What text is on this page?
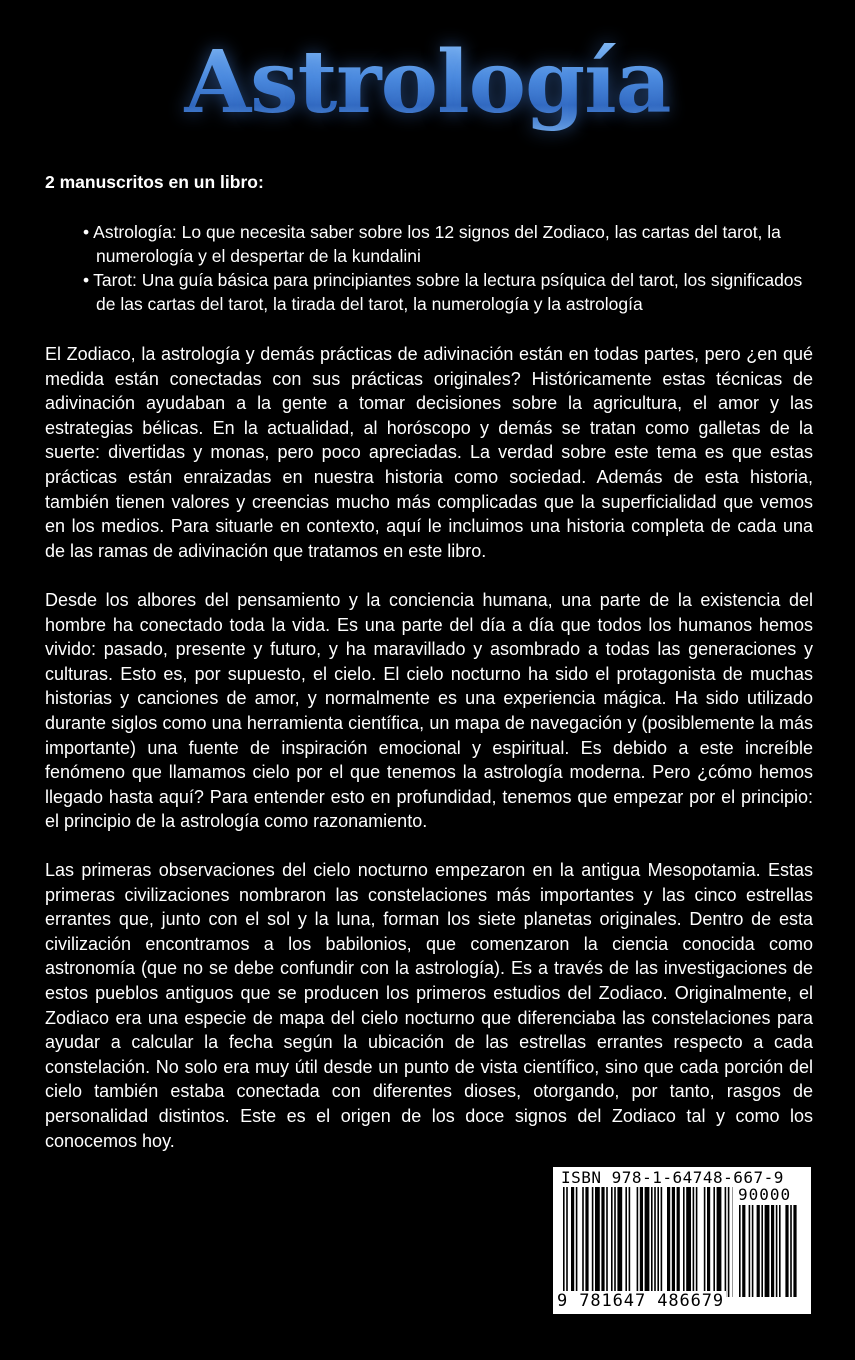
Astrología

2 manuscritos en un libro:

• Astrología: Lo que necesita saber sobre los 12 signos del Zodiaco, las cartas del tarot, la numerología y el despertar de la kundalini
• Tarot: Una guía básica para principiantes sobre la lectura psíquica del tarot, los significados de las cartas del tarot, la tirada del tarot, la numerología y la astrología

El Zodiaco, la astrología y demás prácticas de adivinación están en todas partes, pero ¿en qué medida están conectadas con sus prácticas originales? Históricamente estas técnicas de adivinación ayudaban a la gente a tomar decisiones sobre la agricultura, el amor y las estrategias bélicas. En la actualidad, al horóscopo y demás se tratan como galletas de la suerte: divertidas y monas, pero poco apreciadas. La verdad sobre este tema es que estas prácticas están enraizadas en nuestra historia como sociedad. Además de esta historia, también tienen valores y creencias mucho más complicadas que la superficialidad que vemos en los medios. Para situarle en contexto, aquí le incluimos una historia completa de cada una de las ramas de adivinación que tratamos en este libro.

Desde los albores del pensamiento y la conciencia humana, una parte de la existencia del hombre ha conectado toda la vida. Es una parte del día a día que todos los humanos hemos vivido: pasado, presente y futuro, y ha maravillado y asombrado a todas las generaciones y culturas. Esto es, por supuesto, el cielo. El cielo nocturno ha sido el protagonista de muchas historias y canciones de amor, y normalmente es una experiencia mágica. Ha sido utilizado durante siglos como una herramienta científica, un mapa de navegación y (posiblemente la más importante) una fuente de inspiración emocional y espiritual. Es debido a este increíble fenómeno que llamamos cielo por el que tenemos la astrología moderna. Pero ¿cómo hemos llegado hasta aquí? Para entender esto en profundidad, tenemos que empezar por el principio: el principio de la astrología como razonamiento.

Las primeras observaciones del cielo nocturno empezaron en la antigua Mesopotamia. Estas primeras civilizaciones nombraron las constelaciones más importantes y las cinco estrellas errantes que, junto con el sol y la luna, forman los siete planetas originales. Dentro de esta civilización encontramos a los babilonios, que comenzaron la ciencia conocida como astronomía (que no se debe confundir con la astrología). Es a través de las investigaciones de estos pueblos antiguos que se producen los primeros estudios del Zodiaco. Originalmente, el Zodiaco era una especie de mapa del cielo nocturno que diferenciaba las constelaciones para ayudar a calcular la fecha según la ubicación de las estrellas errantes respecto a cada constelación. No solo era muy útil desde un punto de vista científico, sino que cada porción del cielo también estaba conectada con diferentes dioses, otorgando, por tanto, rasgos de personalidad distintos. Este es el origen de los doce signos del Zodiaco tal y como los conocemos hoy.

ISBN 978-1-64748-667-9
90000
9 781647 486679
